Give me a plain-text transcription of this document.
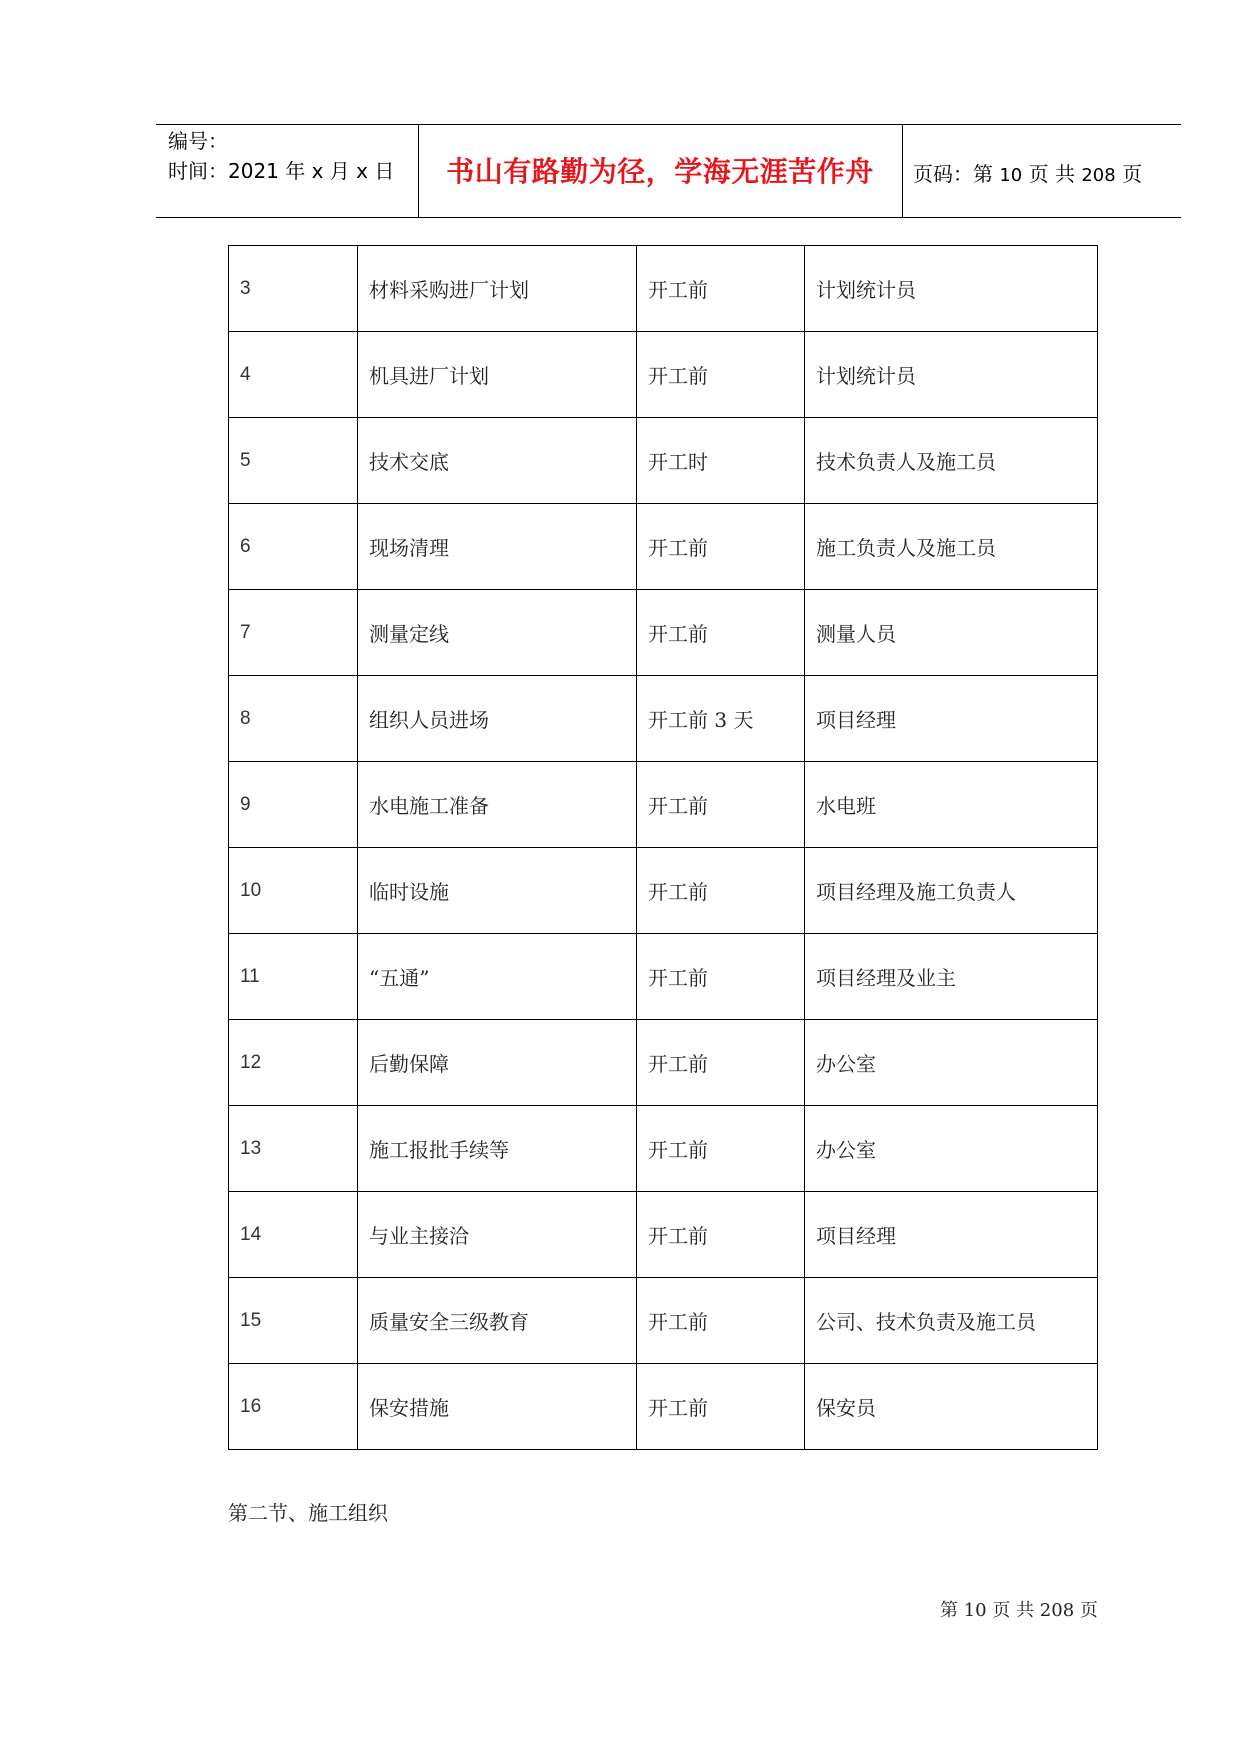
编号：
时间：2021 年 x 月 x 日	书山有路勤为径，学海无涯苦作舟	页码：第 10 页 共 208 页
3	材料采购进厂计划	开工前	计划统计员
4	机具进厂计划	开工前	计划统计员
5	技术交底	开工时	技术负责人及施工员
6	现场清理	开工前	施工负责人及施工员
7	测量定线	开工前	测量人员
8	组织人员进场	开工前 3 天	项目经理
9	水电施工准备	开工前	水电班
10	临时设施	开工前	项目经理及施工负责人
11	“五通”	开工前	项目经理及业主
12	后勤保障	开工前	办公室
13	施工报批手续等	开工前	办公室
14	与业主接洽	开工前	项目经理
15	质量安全三级教育	开工前	公司、技术负责及施工员
16	保安措施	开工前	保安员
第二节、施工组织
第 10 页 共 208 页
